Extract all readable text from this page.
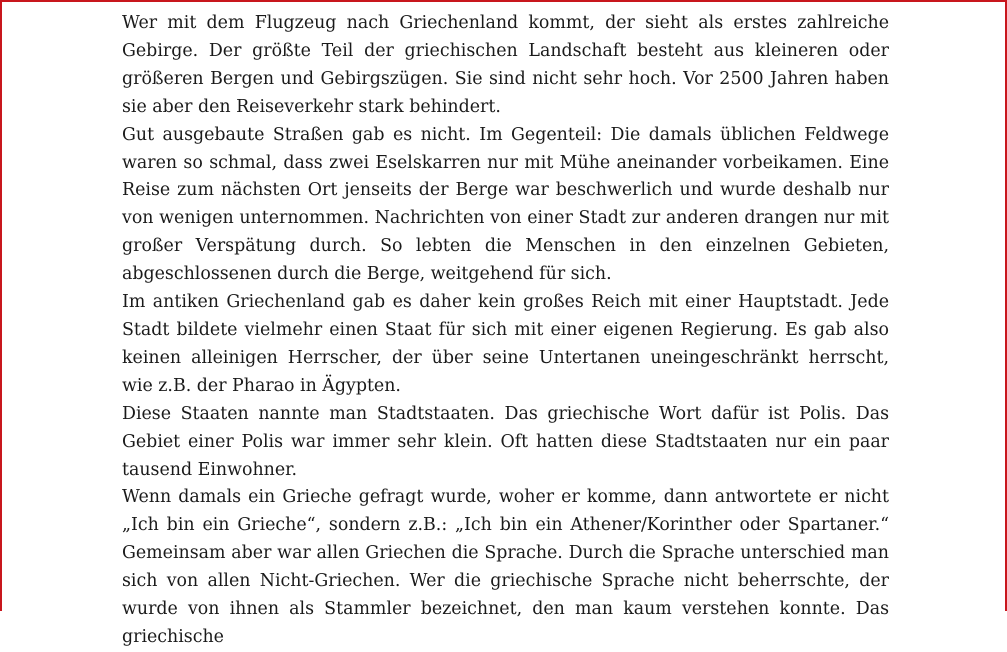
Wer mit dem Flugzeug nach Griechenland kommt, der sieht als erstes zahlreiche Gebirge. Der größte Teil der griechischen Landschaft besteht aus kleineren oder größeren Bergen und Gebirgszügen. Sie sind nicht sehr hoch. Vor 2500 Jahren haben sie aber den Reiseverkehr stark behindert.

Gut ausgebaute Straßen gab es nicht. Im Gegenteil: Die damals üblichen Feldwege waren so schmal, dass zwei Eselskarren nur mit Mühe aneinander vorbeikamen. Eine Reise zum nächsten Ort jenseits der Berge war beschwerlich und wurde deshalb nur von wenigen unternommen. Nachrichten von einer Stadt zur anderen drangen nur mit großer Verspätung durch. So lebten die Menschen in den einzelnen Gebieten, abgeschlossenen durch die Berge, weitgehend für sich.

Im antiken Griechenland gab es daher kein großes Reich mit einer Hauptstadt. Jede Stadt bildete vielmehr einen Staat für sich mit einer eigenen Regierung. Es gab also keinen alleinigen Herrscher, der über seine Untertanen uneingeschränkt herrscht, wie z.B. der Pharao in Ägypten.

Diese Staaten nannte man Stadtstaaten. Das griechische Wort dafür ist Polis. Das Gebiet einer Polis war immer sehr klein. Oft hatten diese Stadtstaaten nur ein paar tausend Einwohner.

Wenn damals ein Grieche gefragt wurde, woher er komme, dann antwortete er nicht „Ich bin ein Grieche“, sondern z.B.: „Ich bin ein Athener/Korinther oder Spartaner.“ Gemeinsam aber war allen Griechen die Sprache. Durch die Sprache unterschied man sich von allen Nicht-Griechen. Wer die griechische Sprache nicht beherrschte, der wurde von ihnen als Stammler bezeichnet, den man kaum verstehen konnte. Das griechische
